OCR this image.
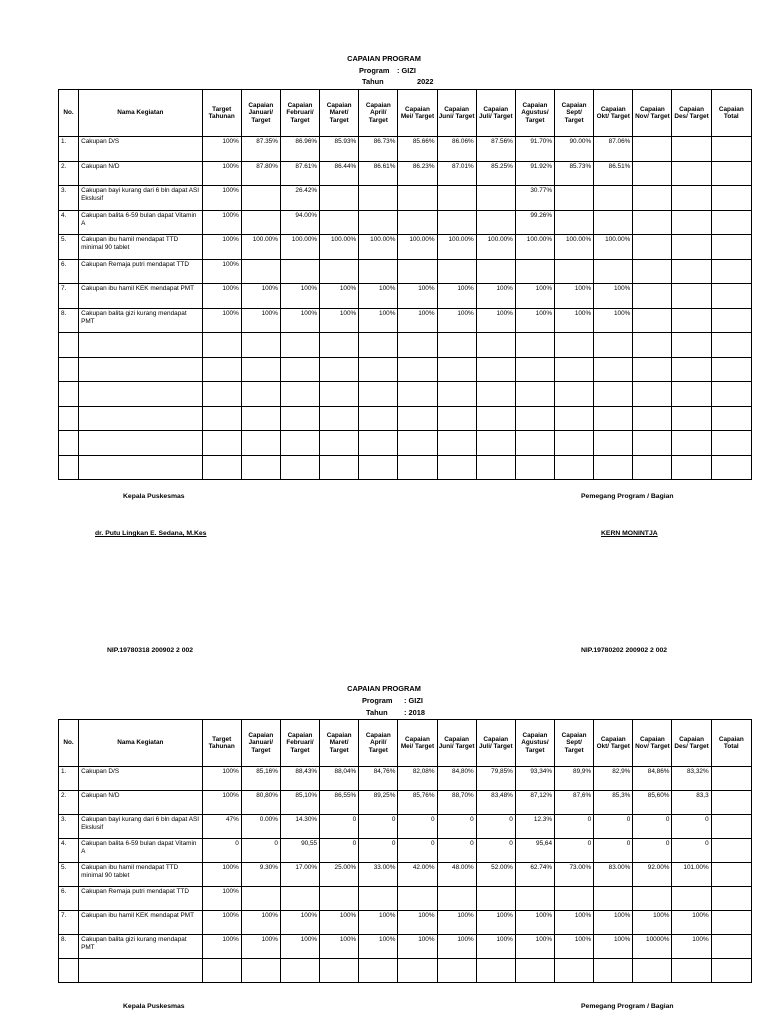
CAPAIAN PROGRAM
Program : GIZI
Tahun	2022
No.	Nama Kegiatan	Target Tahunan	Capaian Januari/ Target	Capaian Februari/ Target	Capaian Maret/ Target	Capaian April/ Target	Capaian Mei/ Target	Capaian Juni/ Target	Capaian Juli/ Target	Capaian Agustus/ Target	Capaian Sept/ Target	Capaian Okt/ Target	Capaian Nov/ Target	Capaian Des/ Target	Capaian Total
1.	Cakupan D/S	100%	87.35%	86.96%	85.93%	86.73%	85.66%	86.06%	87.56%	91.70%	90.00%	87.06%			
2.	Cakupan N/D	100%	87.80%	87.61%	86.44%	86.61%	86.23%	87.01%	85.25%	91.92%	85.73%	86.51%			
3.	Cakupan bayi kurang dari 6 bln dapat ASI Ekslusif	100%		26.42%						30.77%					
4.	Cakupan balita 6-59 bulan dapat Vitamin A	100%		94.00%						99.26%					
5.	Cakupan ibu hamil mendapat TTD minimal 90 tablet	100%	100.00%	100.00%	100.00%	100.00%	100.00%	100.00%	100.00%	100.00%	100.00%	100.00%			
6.	Cakupan Remaja putri mendapat TTD	100%													
7.	Cakupan ibu hamil KEK mendapat PMT	100%	100%	100%	100%	100%	100%	100%	100%	100%	100%	100%			
8.	Cakupan balita gizi kurang mendapat PMT	100%	100%	100%	100%	100%	100%	100%	100%	100%	100%	100%			

Kepala Puskesmas	Pemegang Program / Bagian
dr. Putu Lingkan E. Sedana, M.Kes	KERN MONINTJA
NIP.19780318 200902 2 002	NIP.19780202 200902 2 002
CAPAIAN PROGRAM
Program : GIZI
Tahun : 2018
No.	Nama Kegiatan	Target Tahunan	Capaian Januari/ Target	Capaian Februari/ Target	Capaian Maret/ Target	Capaian April/ Target	Capaian Mei/ Target	Capaian Juni/ Target	Capaian Juli/ Target	Capaian Agustus/ Target	Capaian Sept/ Target	Capaian Okt/ Target	Capaian Nov/ Target	Capaian Des/ Target	Capaian Total
1.	Cakupan D/S	100%	85,16%	88,43%	88,04%	84,76%	82,08%	84,80%	79,85%	93,34%	89,9%	82,9%	84,86%	83,32%	
2.	Cakupan N/D	100%	80,80%	85,10%	86,55%	89,25%	85,76%	88,70%	83,48%	87,12%	87,6%	85,3%	85,60%	83,3	
3.	Cakupan bayi kurang dari 6 bln dapat ASI Ekslusif	47%	0.00%	14.30%	0	0	0	0	0	12.3%	0	0	0	0	
4.	Cakupan balita 6-59 bulan dapat Vitamin A	0	0	90,55	0	0	0	0	0	95,64	0	0	0	0	
5.	Cakupan ibu hamil mendapat TTD minimal 90 tablet	100%	9.30%	17.00%	25.00%	33.00%	42.00%	48.00%	52.00%	62.74%	73.00%	83.00%	92.00%	101.00%	
6.	Cakupan Remaja putri mendapat TTD	100%													
7.	Cakupan ibu hamil KEK mendapat PMT	100%	100%	100%	100%	100%	100%	100%	100%	100%	100%	100%	100%	100%	
8.	Cakupan balita gizi kurang mendapat PMT	100%	100%	100%	100%	100%	100%	100%	100%	100%	100%	100%	10000%	100%	

Kepala Puskesmas	Pemegang Program / Bagian
